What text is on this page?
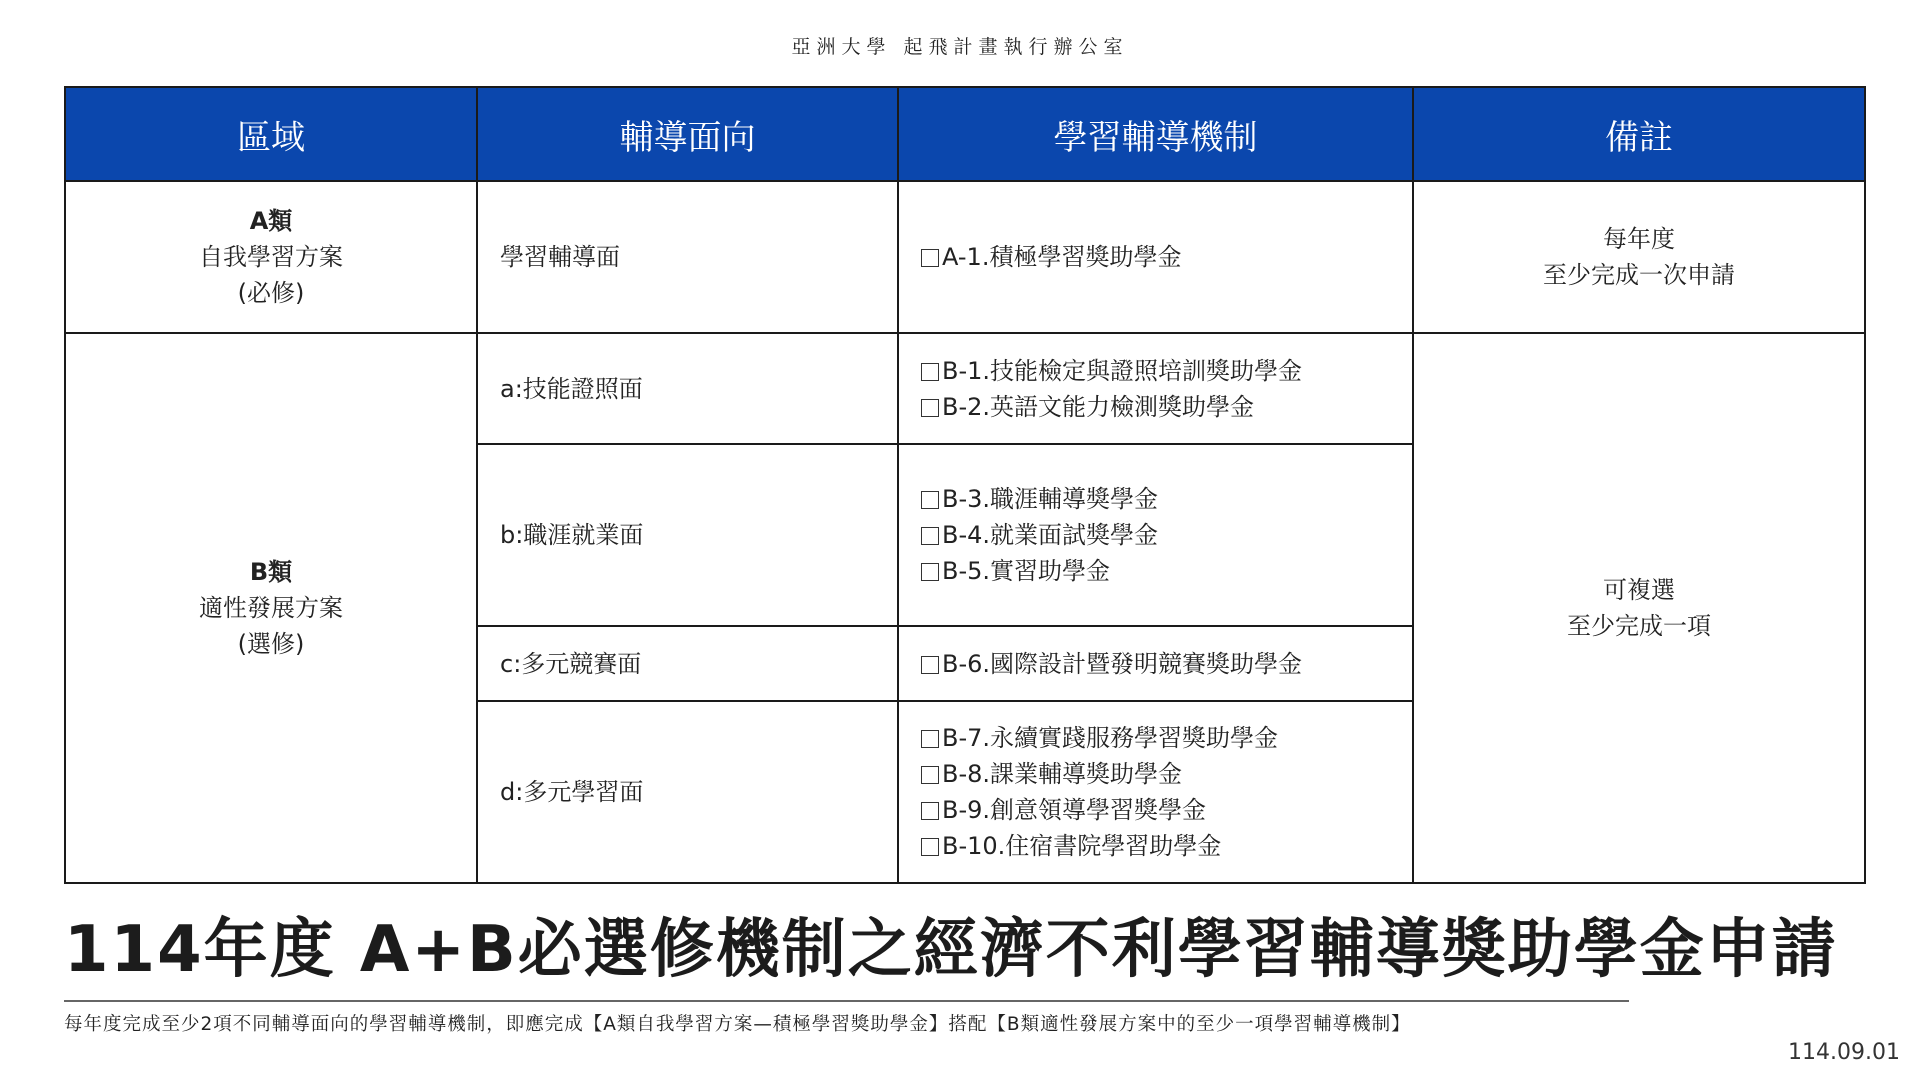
亞洲大學 起飛計畫執行辦公室
區域	輔導面向	學習輔導機制	備註

A類
自我學習方案
(必修)	學習輔導面	A-1.積極學習獎助學金	每年度
至少完成一次申請

B類
適性發展方案
(選修)	a:技能證照面	B-1.技能檢定與證照培訓獎助學金
B-2.英語文能力檢測獎助學金	可複選
至少完成一項

	b:職涯就業面	B-3.職涯輔導獎學金
B-4.就業面試獎學金
B-5.實習助學金	

	c:多元競賽面	B-6.國際設計暨發明競賽獎助學金	

	d:多元學習面	B-7.永續實踐服務學習獎助學金
B-8.課業輔導獎助學金
B-9.創意領導學習獎學金
B-10.住宿書院學習助學金	
114年度 A+B必選修機制之經濟不利學習輔導獎助學金申請
每年度完成至少2項不同輔導面向的學習輔導機制，即應完成【A類自我學習方案—積極學習獎助學金】搭配【B類適性發展方案中的至少一項學習輔導機制】
114.09.01
